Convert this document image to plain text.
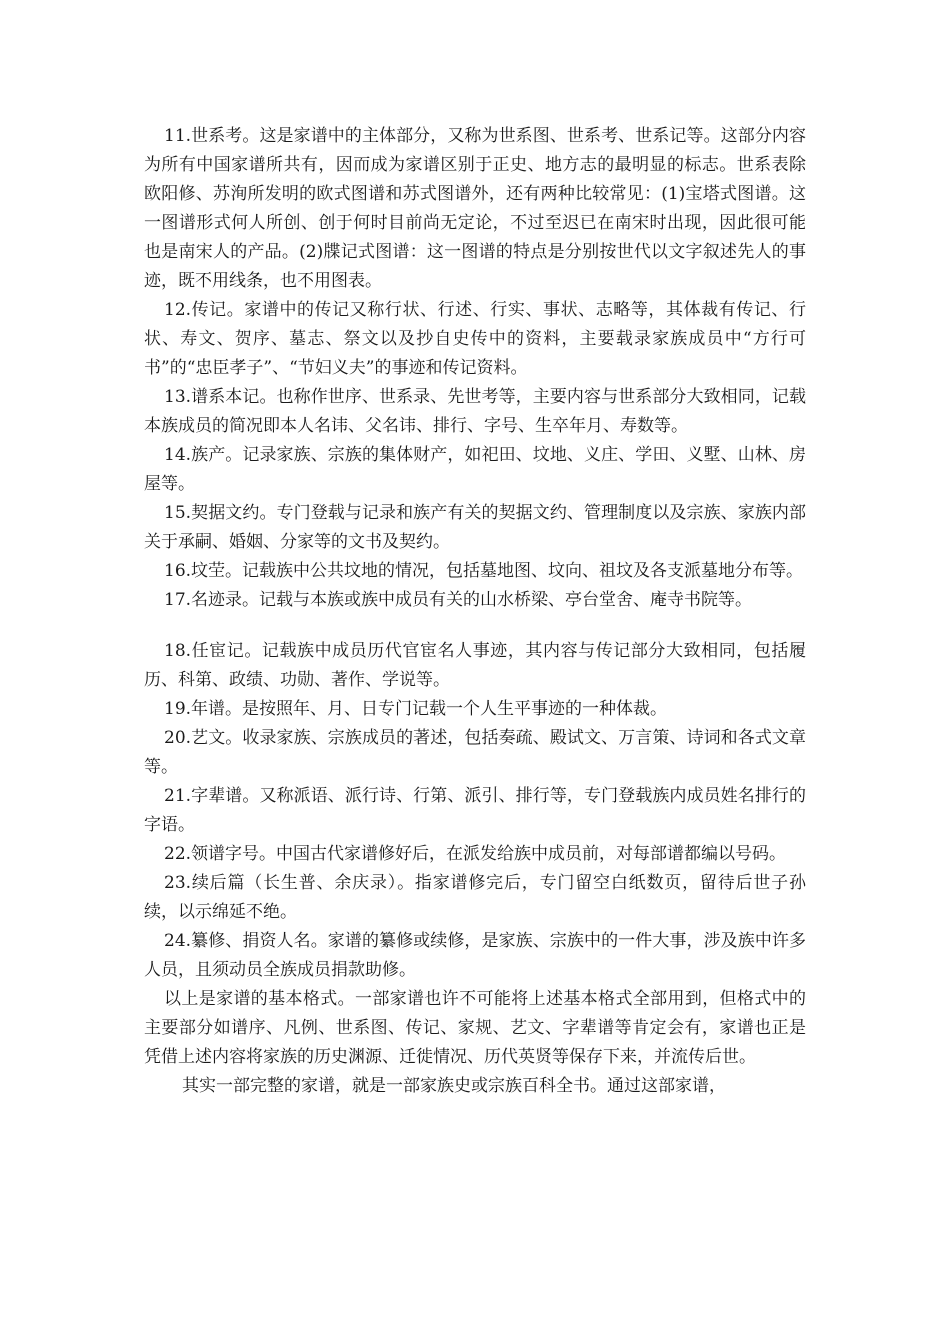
11.世系考。这是家谱中的主体部分，又称为世系图、世系考、世系记等。这部分内容为所有中国家谱所共有，因而成为家谱区别于正史、地方志的最明显的标志。世系表除欧阳修、苏洵所发明的欧式图谱和苏式图谱外，还有两种比较常见：(1)宝塔式图谱。这一图谱形式何人所创、创于何时目前尚无定论，不过至迟已在南宋时出现，因此很可能也是南宋人的产品。(2)牒记式图谱：这一图谱的特点是分别按世代以文字叙述先人的事迹，既不用线条，也不用图表。

12.传记。家谱中的传记又称行状、行述、行实、事状、志略等，其体裁有传记、行状、寿文、贺序、墓志、祭文以及抄自史传中的资料，主要载录家族成员中“方行可书”的“忠臣孝子”、“节妇义夫”的事迹和传记资料。

13.谱系本记。也称作世序、世系录、先世考等，主要内容与世系部分大致相同，记载本族成员的简况即本人名讳、父名讳、排行、字号、生卒年月、寿数等。

14.族产。记录家族、宗族的集体财产，如祀田、坟地、义庄、学田、义墅、山林、房屋等。

15.契据文约。专门登载与记录和族产有关的契据文约、管理制度以及宗族、家族内部关于承嗣、婚姻、分家等的文书及契约。

16.坟茔。记载族中公共坟地的情况，包括墓地图、坟向、祖坟及各支派墓地分布等。

17.名迹录。记载与本族或族中成员有关的山水桥梁、亭台堂舍、庵寺书院等。

18.任宦记。记载族中成员历代官宦名人事迹，其内容与传记部分大致相同，包括履历、科第、政绩、功勋、著作、学说等。

19.年谱。是按照年、月、日专门记载一个人生平事迹的一种体裁。

20.艺文。收录家族、宗族成员的著述，包括奏疏、殿试文、万言策、诗词和各式文章等。

21.字辈谱。又称派语、派行诗、行第、派引、排行等，专门登载族内成员姓名排行的字语。

22.领谱字号。中国古代家谱修好后，在派发给族中成员前，对每部谱都编以号码。

23.续后篇（长生普、余庆录）。指家谱修完后，专门留空白纸数页，留待后世子孙续，以示绵延不绝。

24.纂修、捐资人名。家谱的纂修或续修，是家族、宗族中的一件大事，涉及族中许多人员，且须动员全族成员捐款助修。

以上是家谱的基本格式。一部家谱也许不可能将上述基本格式全部用到，但格式中的主要部分如谱序、凡例、世系图、传记、家规、艺文、字辈谱等肯定会有，家谱也正是凭借上述内容将家族的历史渊源、迁徙情况、历代英贤等保存下来，并流传后世。

其实一部完整的家谱，就是一部家族史或宗族百科全书。通过这部家谱，
